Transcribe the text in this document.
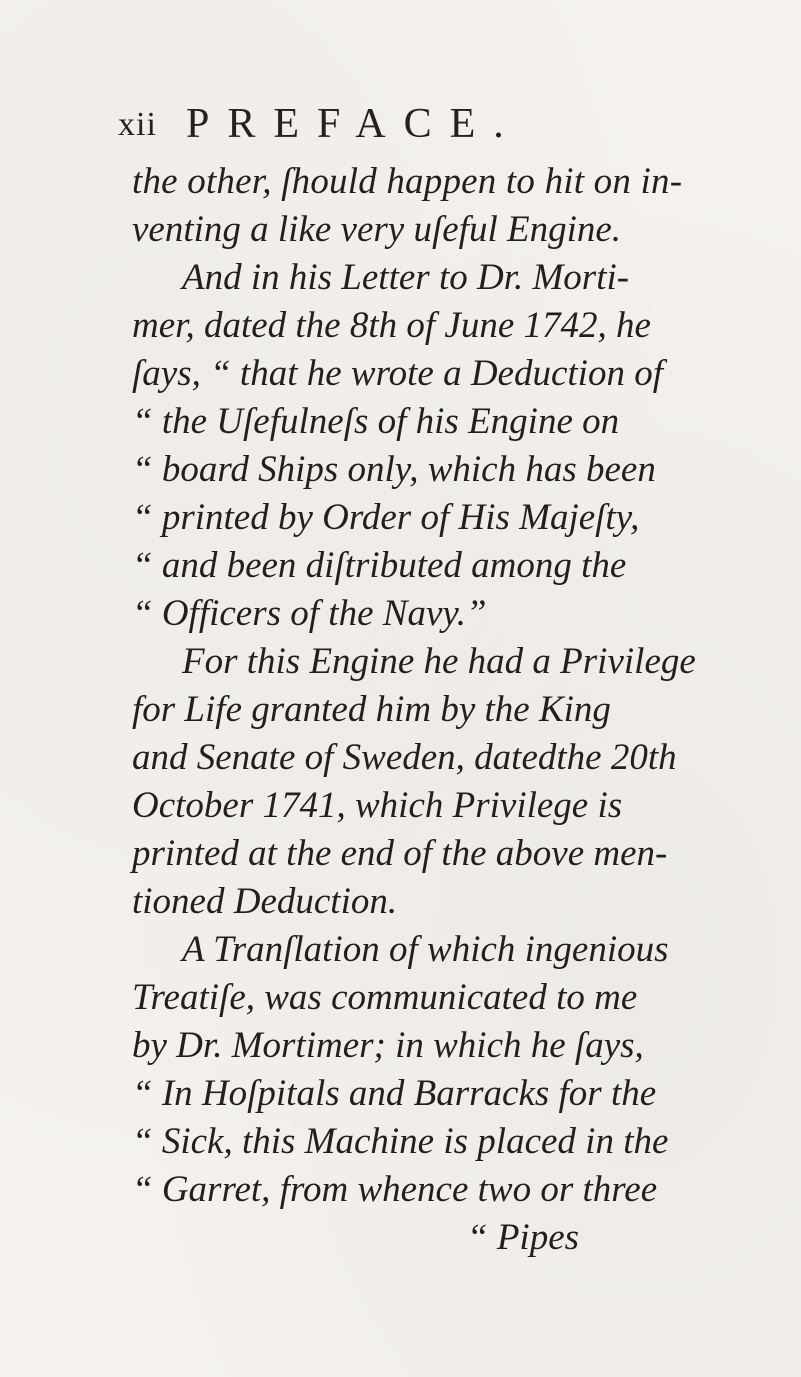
xii PREFACE.
the other, ſhould happen to hit on in-
venting a like very uſeful Engine.
And in his Letter to Dr. Morti-
mer, dated the 8th of June 1742, he
ſays, “ that he wrote a Deduction of
“ the Uſefulneſs of his Engine on
“ board Ships only, which has been
“ printed by Order of His Majeſty,
“ and been diſtributed among the
“ Officers of the Navy.”
For this Engine he had a Privilege
for Life granted him by the King
and Senate of Sweden, datedthe 20th
October 1741, which Privilege is
printed at the end of the above men-
tioned Deduction.
A Tranſlation of which ingenious
Treatiſe, was communicated to me
by Dr. Mortimer; in which he ſays,
“ In Hoſpitals and Barracks for the
“ Sick, this Machine is placed in the
“ Garret, from whence two or three
“ Pipes
